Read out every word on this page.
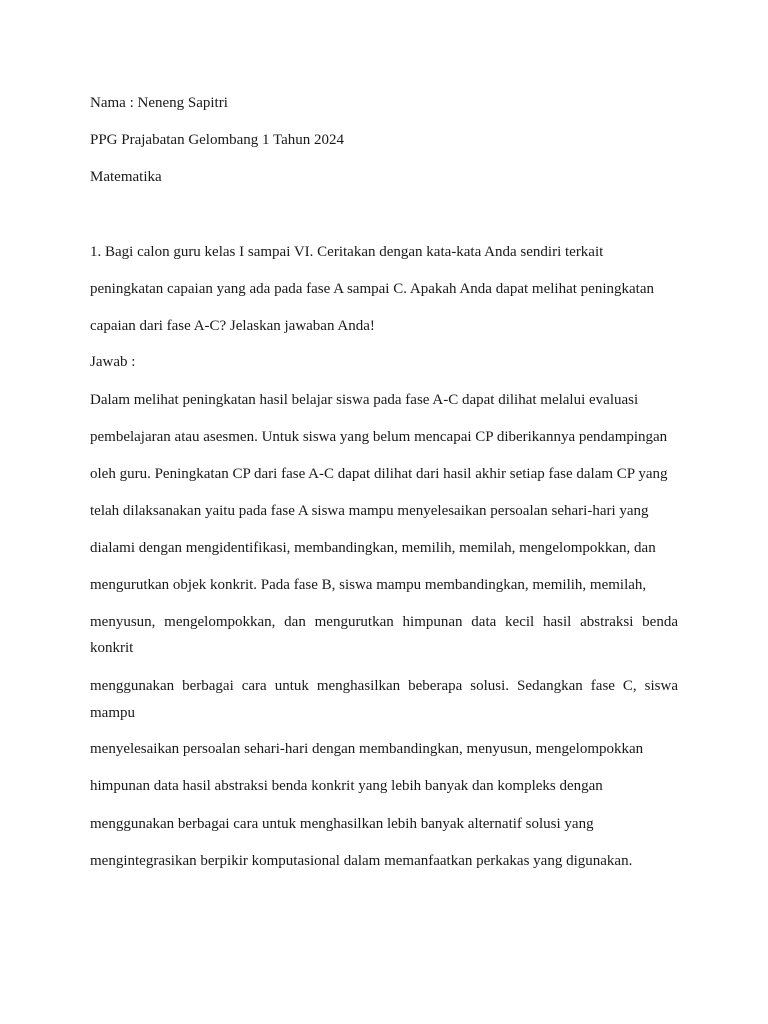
Nama : Neneng Sapitri
PPG Prajabatan Gelombang 1 Tahun 2024
Matematika
1. Bagi calon guru kelas I sampai VI. Ceritakan dengan kata-kata Anda sendiri terkait
peningkatan capaian yang ada pada fase A sampai C. Apakah Anda dapat melihat peningkatan
capaian dari fase A-C? Jelaskan jawaban Anda!
Jawab :
Dalam melihat peningkatan hasil belajar siswa pada fase A-C dapat dilihat melalui evaluasi
pembelajaran atau asesmen. Untuk siswa yang belum mencapai CP diberikannya pendampingan
oleh guru. Peningkatan CP dari fase A-C dapat dilihat dari hasil akhir setiap fase dalam CP yang
telah dilaksanakan yaitu pada fase A siswa mampu menyelesaikan persoalan sehari-hari yang
dialami dengan mengidentifikasi, membandingkan, memilih, memilah, mengelompokkan, dan
mengurutkan objek konkrit. Pada fase B, siswa mampu membandingkan, memilih, memilah,
menyusun, mengelompokkan, dan mengurutkan himpunan data kecil hasil abstraksi benda
konkrit
menggunakan berbagai cara untuk menghasilkan beberapa solusi. Sedangkan fase C, siswa
mampu
menyelesaikan persoalan sehari-hari dengan membandingkan, menyusun, mengelompokkan
himpunan data hasil abstraksi benda konkrit yang lebih banyak dan kompleks dengan
menggunakan berbagai cara untuk menghasilkan lebih banyak alternatif solusi yang
mengintegrasikan berpikir komputasional dalam memanfaatkan perkakas yang digunakan.
